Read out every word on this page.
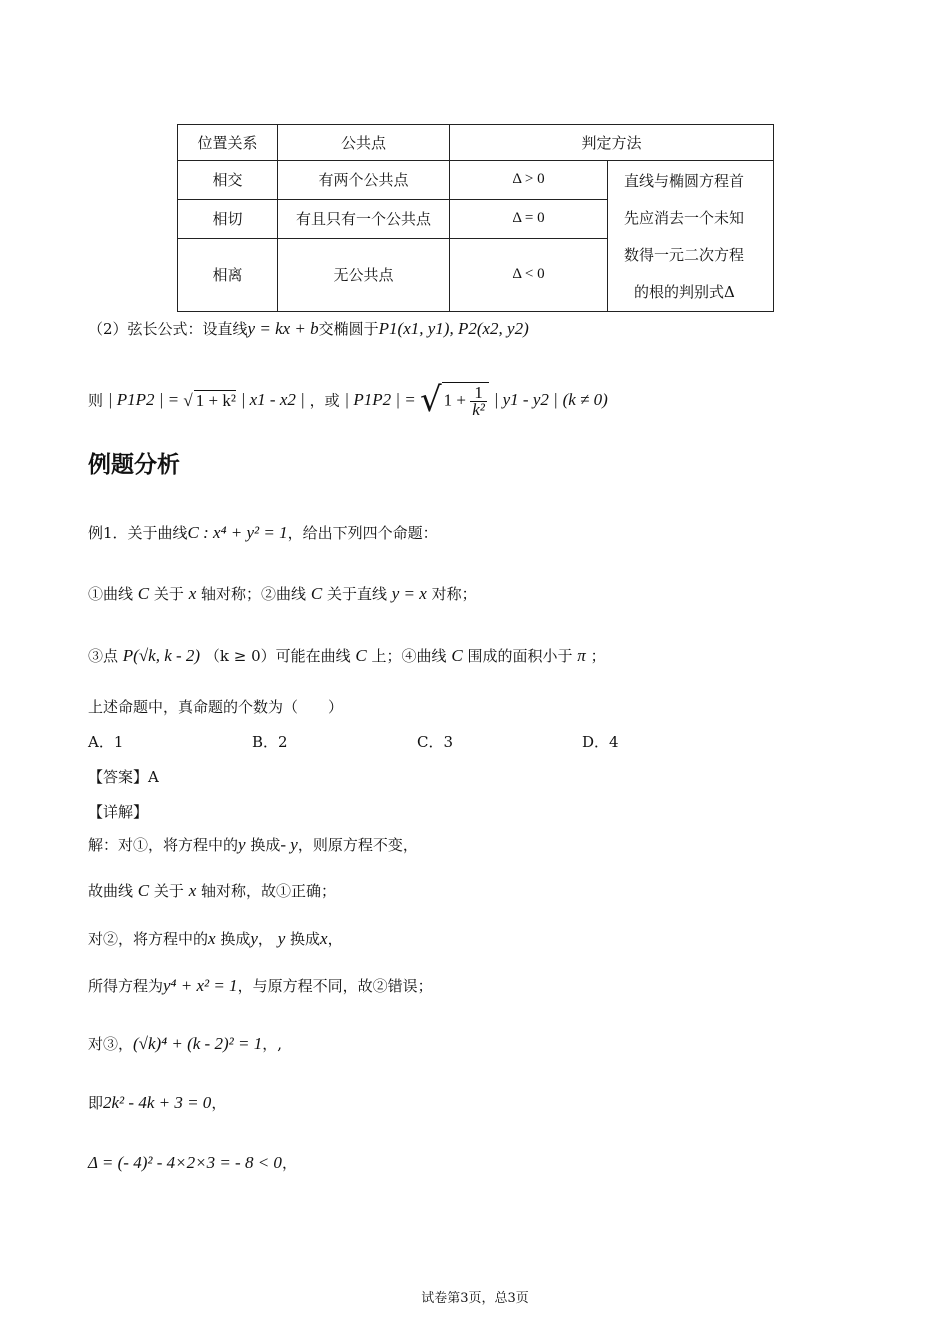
位置关系	公共点	判定方法	
相交	有两个公共点	Δ > 0	直线与椭圆方程首
先应消去一个未知
数得一元二次方程
的根的判别式Δ

相切	有且只有一个公共点	Δ = 0	
相离	无公共点	Δ < 0	
（2）弦长公式：设直线y = kx + b交椭圆于P1(x1, y1), P2(x2, y2)
则 | P1P2 | = √ 1 + k² | x1 - x2 | ，或 | P1P2 | = √ $1 + \frac{1}{\text{k²}}$ | y1 - y2 | (k ≠ 0)
例题分析
例1．关于曲线C : x⁴ + y² = 1，给出下列四个命题：
①曲线 C 关于 x 轴对称；②曲线 C 关于直线 y = x 对称；
③点 P(√k, k - 2) （k ≥ 0）可能在曲线 C 上；④曲线 C 围成的面积小于 π ；
上述命题中，真命题的个数为（　　）
A．1	B．2	C．3	D．4
【答案】A
【详解】
解：对①，将方程中的y 换成- y，则原方程不变，
故曲线 C 关于 x 轴对称，故①正确；
对②，将方程中的x 换成y， y 换成x，
所得方程为y⁴ + x² = 1，与原方程不同，故②错误；
对③，(√k)⁴ + (k - 2)² = 1，,
即2k² - 4k + 3 = 0，
Δ = (- 4)² - 4×2×3 = - 8 < 0，
试卷第3页，总3页
